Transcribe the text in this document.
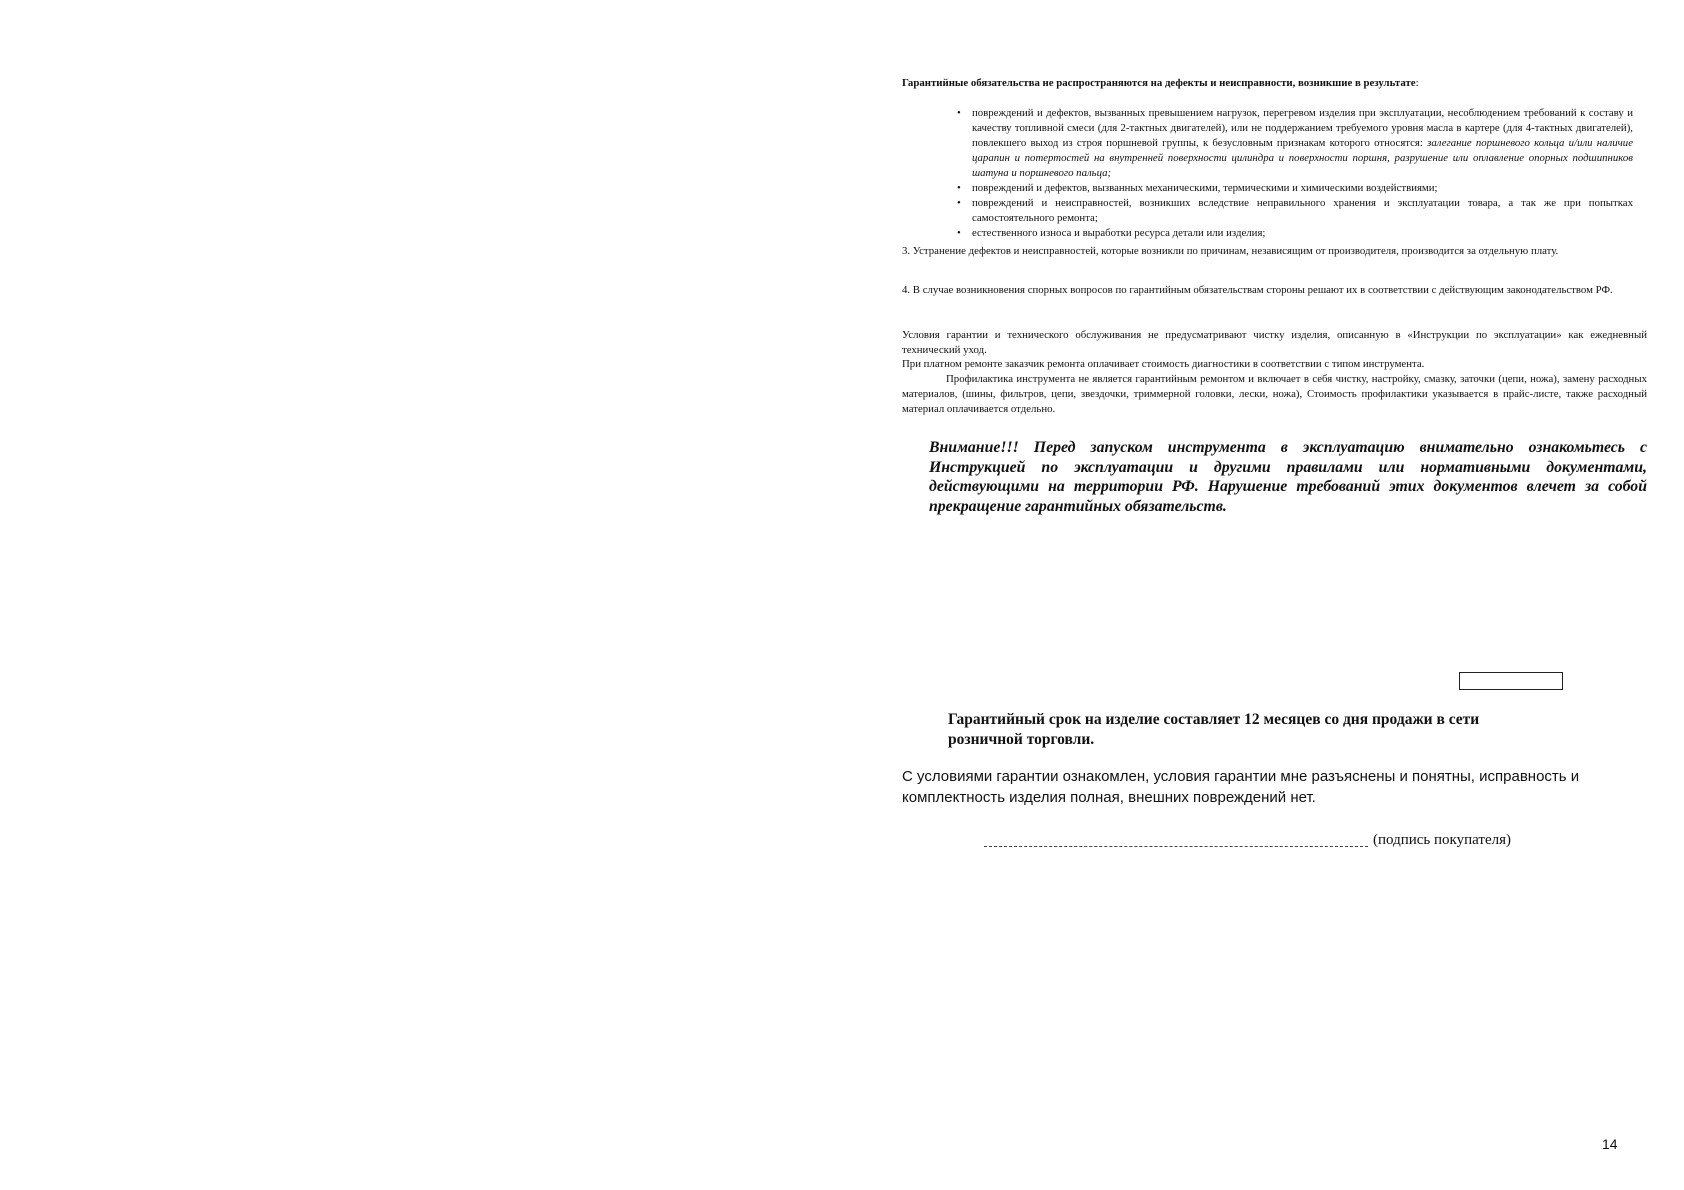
Гарантийные обязательства не распространяются на дефекты и неисправности, возникшие в результате:

• повреждений и дефектов, вызванных превышением нагрузок, перегревом изделия при эксплуатации, несоблюдением требований к составу и качеству топливной смеси (для 2-тактных двигателей), или не поддержанием требуемого уровня масла в картере (для 4-тактных двигателей), повлекшего выход из строя поршневой группы, к безусловным признакам которого относятся: залегание поршневого кольца и/или наличие царапин и потертостей на внутренней поверхности цилиндра и поверхности поршня, разрушение или оплавление опорных подшипников шатуна и поршневого пальца;
• повреждений и дефектов, вызванных механическими, термическими и химическими воздействиями;
• повреждений и неисправностей, возникших вследствие неправильного хранения и эксплуатации товара, а так же при попытках самостоятельного ремонта;
• естественного износа и выработки ресурса детали или изделия;

3. Устранение дефектов и неисправностей, которые возникли по причинам, независящим от производителя, производится за отдельную плату.

4. В случае возникновения спорных вопросов по гарантийным обязательствам стороны решают их в соответствии с действующим законодательством РФ.

Условия гарантии и технического обслуживания не предусматривают чистку изделия, описанную в «Инструкции по эксплуатации» как ежедневный технический уход.

При платном ремонте заказчик ремонта оплачивает стоимость диагностики в соответствии с типом инструмента.

Профилактика инструмента не является гарантийным ремонтом и включает в себя чистку, настройку, смазку, заточки (цепи, ножа), замену расходных материалов, (шины, фильтров, цепи, звездочки, триммерной головки, лески, ножа), Стоимость профилактики указывается в прайс-листе, также расходный материал оплачивается отдельно.

Внимание!!! Перед запуском инструмента в эксплуатацию внимательно ознакомьтесь с Инструкцией по эксплуатации и другими правилами или нормативными документами, действующими на территории РФ. Нарушение требований этих документов влечет за собой прекращение гарантийных обязательств.

Гарантийный срок на изделие составляет 12 месяцев со дня продажи в сети розничной торговли.

С условиями гарантии ознакомлен, условия гарантии мне разъяснены и понятны, исправность и комплектность изделия полная, внешних повреждений нет.

(подпись покупателя)
14
